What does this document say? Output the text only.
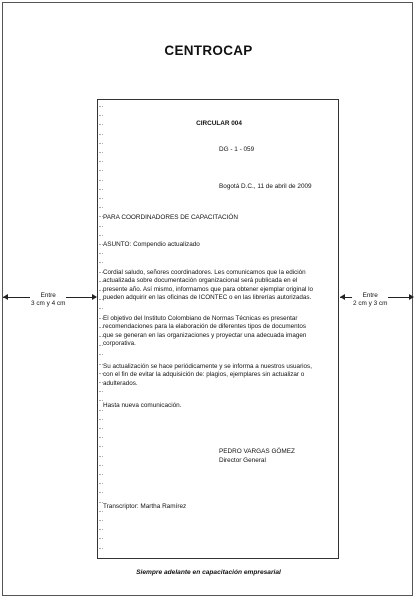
CENTROCAP
CIRCULAR 004
DG - 1 - 059
Bogotá D.C., 11 de abril de 2009
PARA COORDINADORES DE CAPACITACIÓN
ASUNTO: Compendio actualizado
Cordial saludo, señores coordinadores. Les comunicamos que la edición
actualizada sobre documentación organizacional será publicada en el
presente año. Así mismo, informamos que para obtener ejemplar original lo
pueden adquirir en las oficinas de ICONTEC o en las librerías autorizadas.
El objetivo del Instituto Colombiano de Normas Técnicas es presentar
recomendaciones para la elaboración de diferentes tipos de documentos
que se generan en las organizaciones y proyectar una adecuada imagen
corporativa.
Su actualización se hace periódicamente y se informa a nuestros usuarios,
con el fin de evitar la adquisición de: plagios, ejemplares sin actualizar o
adulterados.
Hasta nueva comunicación.
PEDRO VARGAS GÓMEZ
Director General
Transcriptor: Martha Ramírez
Entre
3 cm y 4 cm
Entre
2 cm y 3 cm
Siempre adelante en capacitación empresarial
